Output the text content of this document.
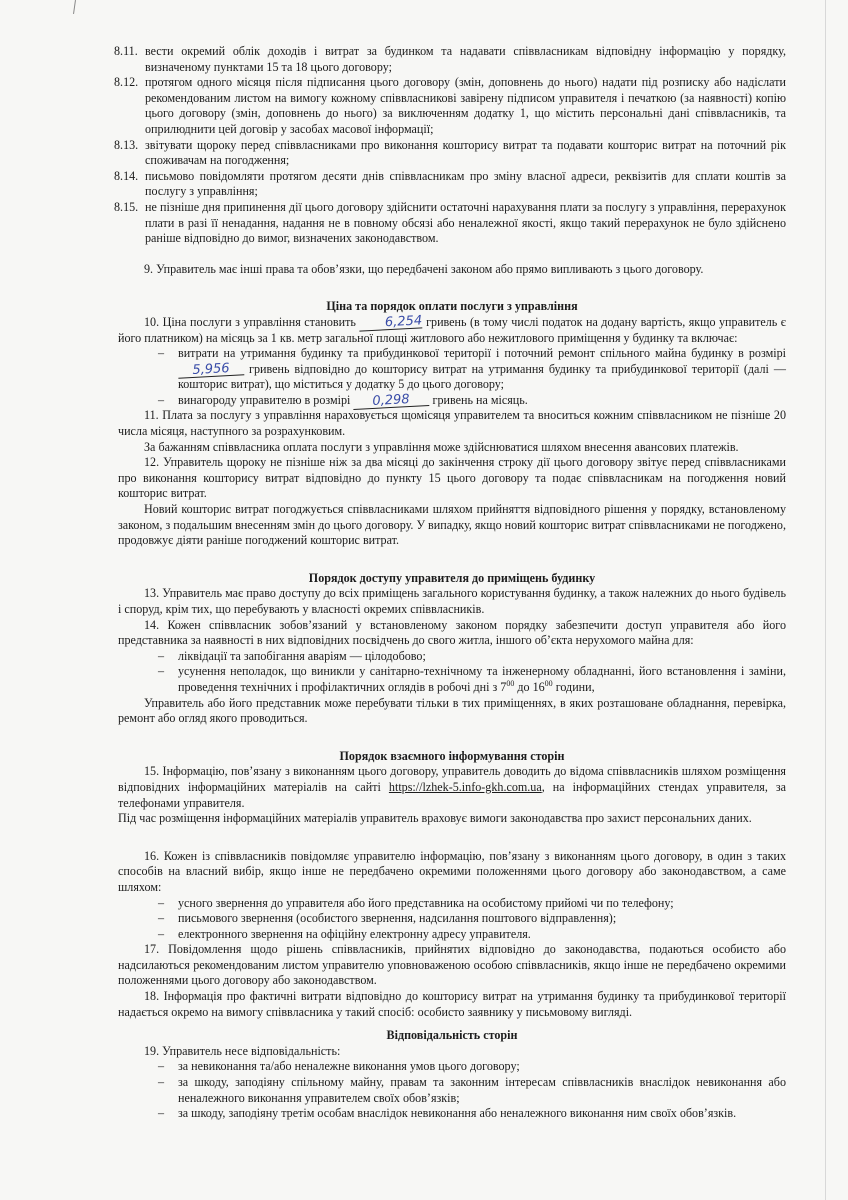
8.11. вести окремий облік доходів і витрат за будинком та надавати співвласникам відповідну інформацію у порядку, визначеному пунктами 15 та 18 цього договору;
8.12. протягом одного місяця після підписання цього договору (змін, доповнень до нього) надати під розписку або надіслати рекомендованим листом на вимогу кожному співвласникові завірену підписом управителя і печаткою (за наявності) копію цього договору (змін, доповнень до нього) за виключенням додатку 1, що містить персональні дані співвласників, та оприлюднити цей договір у засобах масової інформації;
8.13. звітувати щороку перед співвласниками про виконання кошторису витрат та подавати кошторис витрат на поточний рік споживачам на погодження;
8.14. письмово повідомляти протягом десяти днів співвласникам про зміну власної адреси, реквізитів для сплати коштів за послугу з управління;
8.15. не пізніше дня припинення дії цього договору здійснити остаточні нарахування плати за послугу з управління, перерахунок плати в разі її ненадання, надання не в повному обсязі або неналежної якості, якщо такий перерахунок не було здійснено раніше відповідно до вимог, визначених законодавством.

9. Управитель має інші права та обов’язки, що передбачені законом або прямо випливають з цього договору.

Ціна та порядок оплати послуги з управління

10. Ціна послуги з управління становить 6,254 гривень (в тому числі податок на додану вартість, якщо управитель є його платником) на місяць за 1 кв. метр загальної площі житлового або нежитлового приміщення у будинку та включає:

– витрати на утримання будинку та прибудинкової території і поточний ремонт спільного майна будинку в розмірі 5,956 гривень відповідно до кошторису витрат на утримання будинку та прибудинкової території (далі — кошторис витрат), що міститься у додатку 5 до цього договору;
– винагороду управителю в розмірі 0,298 гривень на місяць.

11. Плата за послугу з управління нараховується щомісяця управителем та вноситься кожним співвласником не пізніше 20 числа місяця, наступного за розрахунковим.

За бажанням співвласника оплата послуги з управління може здійснюватися шляхом внесення авансових платежів.

12. Управитель щороку не пізніше ніж за два місяці до закінчення строку дії цього договору звітує перед співвласниками про виконання кошторису витрат відповідно до пункту 15 цього договору та подає співвласникам на погодження новий кошторис витрат.

Новий кошторис витрат погоджується співвласниками шляхом прийняття відповідного рішення у порядку, встановленому законом, з подальшим внесенням змін до цього договору. У випадку, якщо новий кошторис витрат співвласниками не погоджено, продовжує діяти раніше погоджений кошторис витрат.

Порядок доступу управителя до приміщень будинку

13. Управитель має право доступу до всіх приміщень загального користування будинку, а також належних до нього будівель і споруд, крім тих, що перебувають у власності окремих співвласників.

14. Кожен співвласник зобов’язаний у встановленому законом порядку забезпечити доступ управителя або його представника за наявності в них відповідних посвідчень до свого житла, іншого об’єкта нерухомого майна для:

– ліквідації та запобігання аваріям — цілодобово;
– усунення неполадок, що виникли у санітарно-технічному та інженерному обладнанні, його встановлення і заміни, проведення технічних і профілактичних оглядів в робочі дні з $7^{00}$ до $16^{00}$ години,

Управитель або його представник може перебувати тільки в тих приміщеннях, в яких розташоване обладнання, перевірка, ремонт або огляд якого проводиться.

Порядок взаємного інформування сторін

15. Інформацію, пов’язану з виконанням цього договору, управитель доводить до відома співвласників шляхом розміщення відповідних інформаційних матеріалів на сайті https://lzhek-5.info-gkh.com.ua, на інформаційних стендах управителя, за телефонами управителя.

Під час розміщення інформаційних матеріалів управитель враховує вимоги законодавства про захист персональних даних.

16. Кожен із співвласників повідомляє управителю інформацію, пов’язану з виконанням цього договору, в один з таких способів на власний вибір, якщо інше не передбачено окремими положеннями цього договору або законодавством, а саме шляхом:

– усного звернення до управителя або його представника на особистому прийомі чи по телефону;
– письмового звернення (особистого звернення, надсилання поштового відправлення);
– електронного звернення на офіційну електронну адресу управителя.

17. Повідомлення щодо рішень співвласників, прийнятих відповідно до законодавства, подаються особисто або надсилаються рекомендованим листом управителю уповноваженою особою співвласників, якщо інше не передбачено окремими положеннями цього договору або законодавством.

18. Інформація про фактичні витрати відповідно до кошторису витрат на утримання будинку та прибудинкової території надається окремо на вимогу співвласника у такий спосіб: особисто заявнику у письмовому вигляді.

Відповідальність сторін

19. Управитель несе відповідальність:

– за невиконання та/або неналежне виконання умов цього договору;
– за шкоду, заподіяну спільному майну, правам та законним інтересам співвласників внаслідок невиконання або неналежного виконання управителем своїх обов’язків;
– за шкоду, заподіяну третім особам внаслідок невиконання або неналежного виконання ним своїх обов’язків.
